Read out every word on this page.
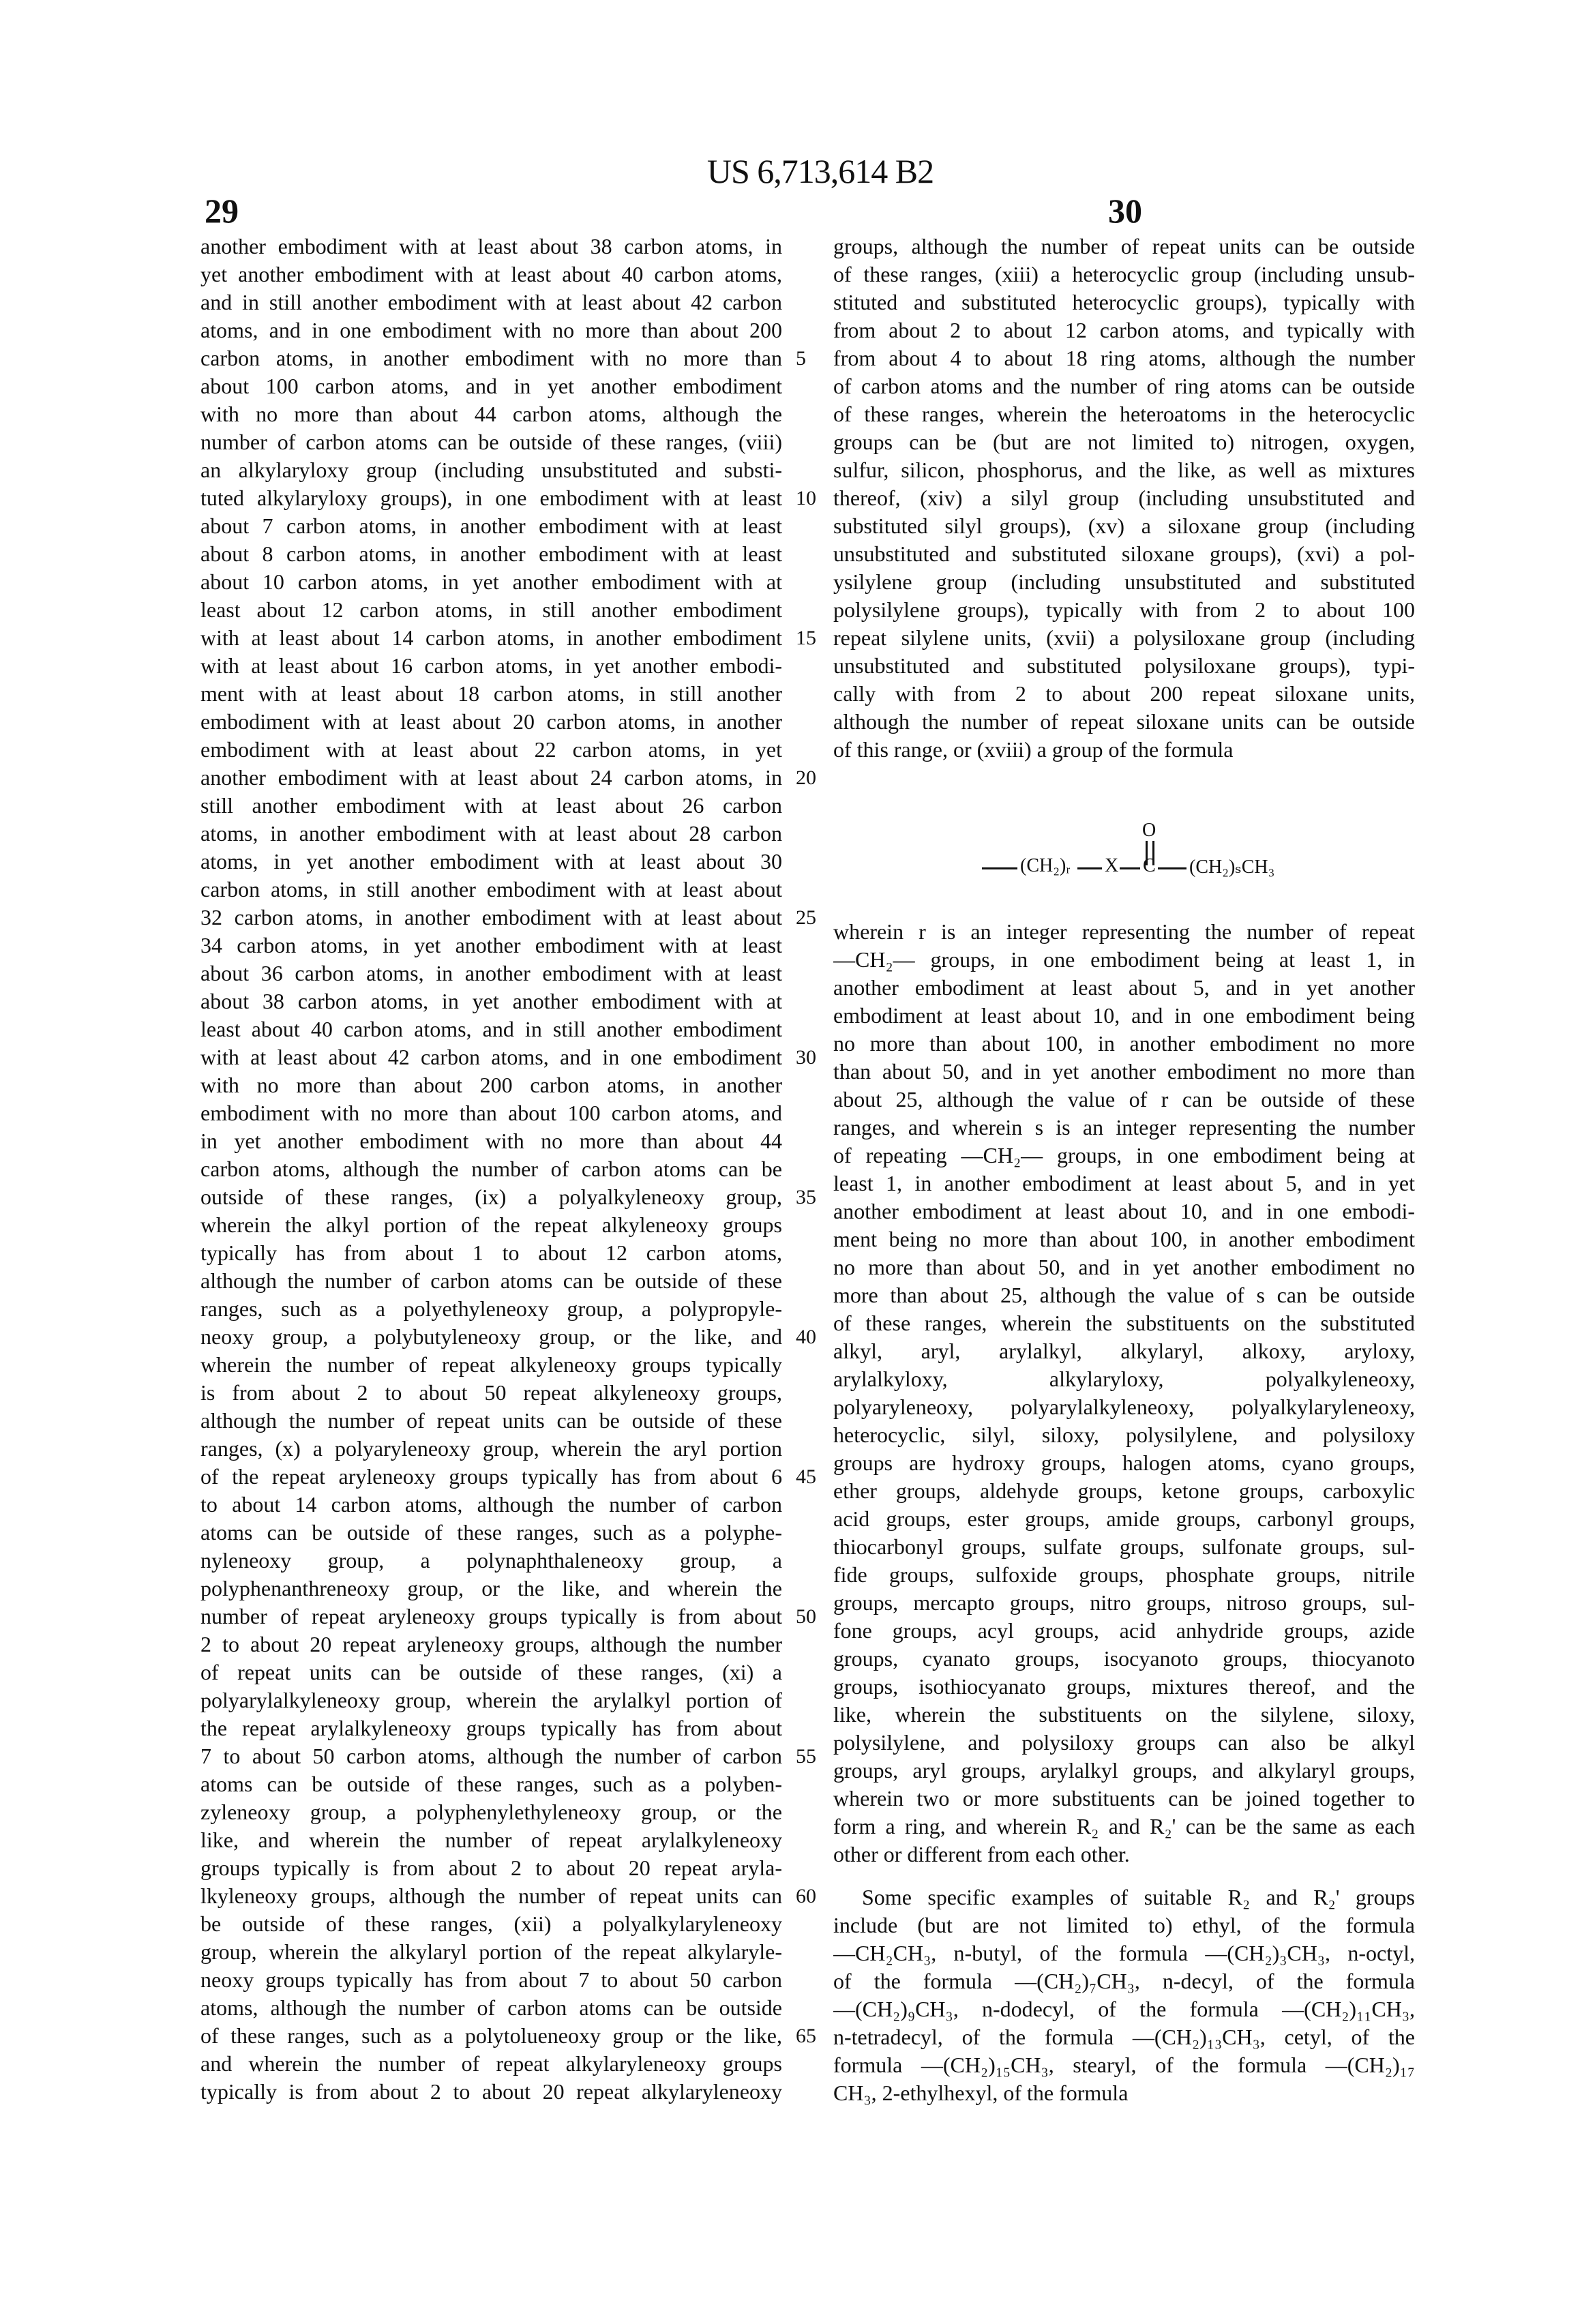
US 6,713,614 B2
29	30
another embodiment with at least about 38 carbon atoms, in
yet another embodiment with at least about 40 carbon atoms,
and in still another embodiment with at least about 42 carbon
atoms, and in one embodiment with no more than about 200
carbon atoms, in another embodiment with no more than
about 100 carbon atoms, and in yet another embodiment
with no more than about 44 carbon atoms, although the
number of carbon atoms can be outside of these ranges, (viii)
an alkylaryloxy group (including unsubstituted and substi-
tuted alkylaryloxy groups), in one embodiment with at least
about 7 carbon atoms, in another embodiment with at least
about 8 carbon atoms, in another embodiment with at least
about 10 carbon atoms, in yet another embodiment with at
least about 12 carbon atoms, in still another embodiment
with at least about 14 carbon atoms, in another embodiment
with at least about 16 carbon atoms, in yet another embodi-
ment with at least about 18 carbon atoms, in still another
embodiment with at least about 20 carbon atoms, in another
embodiment with at least about 22 carbon atoms, in yet
another embodiment with at least about 24 carbon atoms, in
still another embodiment with at least about 26 carbon
atoms, in another embodiment with at least about 28 carbon
atoms, in yet another embodiment with at least about 30
carbon atoms, in still another embodiment with at least about
32 carbon atoms, in another embodiment with at least about
34 carbon atoms, in yet another embodiment with at least
about 36 carbon atoms, in another embodiment with at least
about 38 carbon atoms, in yet another embodiment with at
least about 40 carbon atoms, and in still another embodiment
with at least about 42 carbon atoms, and in one embodiment
with no more than about 200 carbon atoms, in another
embodiment with no more than about 100 carbon atoms, and
in yet another embodiment with no more than about 44
carbon atoms, although the number of carbon atoms can be
outside of these ranges, (ix) a polyalkyleneoxy group,
wherein the alkyl portion of the repeat alkyleneoxy groups
typically has from about 1 to about 12 carbon atoms,
although the number of carbon atoms can be outside of these
ranges, such as a polyethyleneoxy group, a polypropyle-
neoxy group, a polybutyleneoxy group, or the like, and
wherein the number of repeat alkyleneoxy groups typically
is from about 2 to about 50 repeat alkyleneoxy groups,
although the number of repeat units can be outside of these
ranges, (x) a polyaryleneoxy group, wherein the aryl portion
of the repeat aryleneoxy groups typically has from about 6
to about 14 carbon atoms, although the number of carbon
atoms can be outside of these ranges, such as a polyphe-
nyleneoxy group, a polynaphthaleneoxy group, a
polyphenanthreneoxy group, or the like, and wherein the
number of repeat aryleneoxy groups typically is from about
2 to about 20 repeat aryleneoxy groups, although the number
of repeat units can be outside of these ranges, (xi) a
polyarylalkyleneoxy group, wherein the arylalkyl portion of
the repeat arylalkyleneoxy groups typically has from about
7 to about 50 carbon atoms, although the number of carbon
atoms can be outside of these ranges, such as a polyben-
zyleneoxy group, a polyphenylethyleneoxy group, or the
like, and wherein the number of repeat arylalkyleneoxy
groups typically is from about 2 to about 20 repeat aryla-
lkyleneoxy groups, although the number of repeat units can
be outside of these ranges, (xii) a polyalkylaryleneoxy
group, wherein the alkylaryl portion of the repeat alkylaryle-
neoxy groups typically has from about 7 to about 50 carbon
atoms, although the number of carbon atoms can be outside
of these ranges, such as a polytolueneoxy group or the like,
and wherein the number of repeat alkylaryleneoxy groups
typically is from about 2 to about 20 repeat alkylaryleneoxy
groups, although the number of repeat units can be outside
of these ranges, (xiii) a heterocyclic group (including unsub-
stituted and substituted heterocyclic groups), typically with
from about 2 to about 12 carbon atoms, and typically with
from about 4 to about 18 ring atoms, although the number
of carbon atoms and the number of ring atoms can be outside
of these ranges, wherein the heteroatoms in the heterocyclic
groups can be (but are not limited to) nitrogen, oxygen,
sulfur, silicon, phosphorus, and the like, as well as mixtures
thereof, (xiv) a silyl group (including unsubstituted and
substituted silyl groups), (xv) a siloxane group (including
unsubstituted and substituted siloxane groups), (xvi) a pol-
ysilylene group (including unsubstituted and substituted
polysilylene groups), typically with from 2 to about 100
repeat silylene units, (xvii) a polysiloxane group (including
unsubstituted and substituted polysiloxane groups), typi-
cally with from 2 to about 200 repeat siloxane units,
although the number of repeat siloxane units can be outside
of this range, or (xviii) a group of the formula
wherein r is an integer representing the number of repeat
—CH₂— groups, in one embodiment being at least 1, in
another embodiment at least about 5, and in yet another
embodiment at least about 10, and in one embodiment being
no more than about 100, in another embodiment no more
than about 50, and in yet another embodiment no more than
about 25, although the value of r can be outside of these
ranges, and wherein s is an integer representing the number
of repeating —CH₂— groups, in one embodiment being at
least 1, in another embodiment at least about 5, and in yet
another embodiment at least about 10, and in one embodi-
ment being no more than about 100, in another embodiment
no more than about 50, and in yet another embodiment no
more than about 25, although the value of s can be outside
of these ranges, wherein the substituents on the substituted
alkyl, aryl, arylalkyl, alkylaryl, alkoxy, aryloxy,
arylalkyloxy, alkylaryloxy, polyalkyleneoxy,
polyaryleneoxy, polyarylalkyleneoxy, polyalkylaryleneoxy,
heterocyclic, silyl, siloxy, polysilylene, and polysiloxy
groups are hydroxy groups, halogen atoms, cyano groups,
ether groups, aldehyde groups, ketone groups, carboxylic
acid groups, ester groups, amide groups, carbonyl groups,
thiocarbonyl groups, sulfate groups, sulfonate groups, sul-
fide groups, sulfoxide groups, phosphate groups, nitrile
groups, mercapto groups, nitro groups, nitroso groups, sul-
fone groups, acyl groups, acid anhydride groups, azide
groups, cyanato groups, isocyanoto groups, thiocyanoto
groups, isothiocyanato groups, mixtures thereof, and the
like, wherein the substituents on the silylene, siloxy,
polysilylene, and polysiloxy groups can also be alkyl
groups, aryl groups, arylalkyl groups, and alkylaryl groups,
wherein two or more substituents can be joined together to
form a ring, and wherein R₂ and R₂' can be the same as each
other or different from each other.
Some specific examples of suitable R₂ and R₂' groups
include (but are not limited to) ethyl, of the formula
—CH₂CH₃, n-butyl, of the formula —(CH₂)₃CH₃, n-octyl,
of the formula —(CH₂)₇CH₃, n-decyl, of the formula
—(CH₂)₉CH₃, n-dodecyl, of the formula —(CH₂)₁₁CH₃,
n-tetradecyl, of the formula —(CH₂)₁₃CH₃, cetyl, of the
formula —(CH₂)₁₅CH₃, stearyl, of the formula —(CH₂)₁₇
CH₃, 2-ethylhexyl, of the formula
5
10
15
20
25
30
35
40
45
50
55
60
65
(CH₂)ᵣ X C
O
(CH₂)ₛCH₃
